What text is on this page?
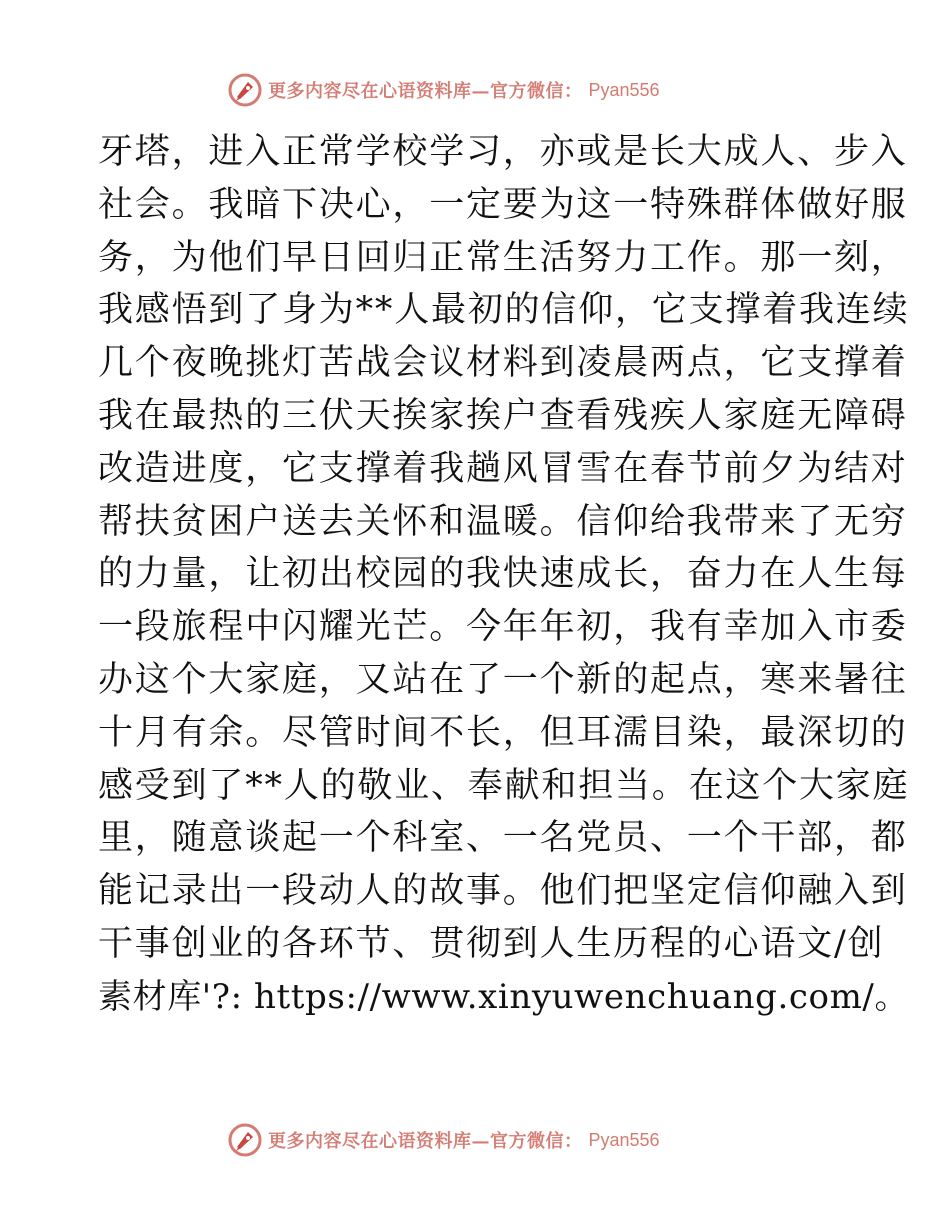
更多内容尽在心语资料库—官方微信： Pyan556
牙塔，进入正常学校学习，亦或是长大成人、步入
社会。我暗下决心，一定要为这一特殊群体做好服
务，为他们早日回归正常生活努力工作。那一刻，
我感悟到了身为**人最初的信仰，它支撑着我连续
几个夜晚挑灯苦战会议材料到凌晨两点，它支撑着
我在最热的三伏天挨家挨户查看残疾人家庭无障碍
改造进度，它支撑着我趟风冒雪在春节前夕为结对
帮扶贫困户送去关怀和温暖。信仰给我带来了无穷
的力量，让初出校园的我快速成长，奋力在人生每
一段旅程中闪耀光芒。今年年初，我有幸加入市委
办这个大家庭，又站在了一个新的起点，寒来暑往
十月有余。尽管时间不长，但耳濡目染，最深切的
感受到了**人的敬业、奉献和担当。在这个大家庭
里，随意谈起一个科室、一名党员、一个干部，都
能记录出一段动人的故事。他们把坚定信仰融入到
干事创业的各环节、贯彻到人生历程的心语文/创
素材库'?: https://www.xinyuwenchuang.com/。
更多内容尽在心语资料库—官方微信： Pyan556
